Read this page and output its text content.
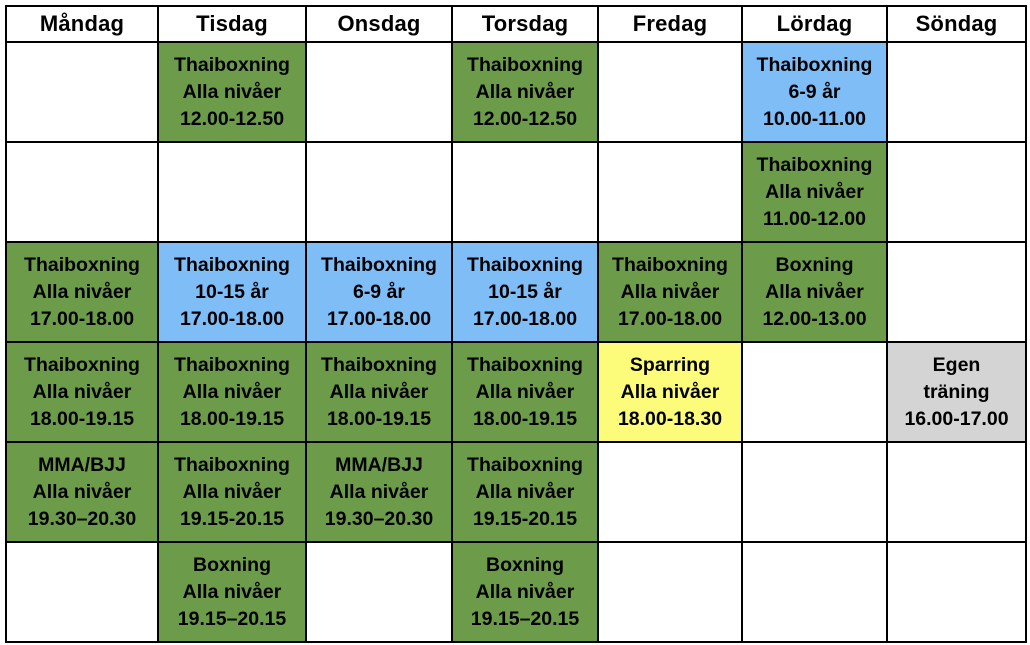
Måndag	Tisdag	Onsdag	Torsdag	Fredag	Lördag	Söndag

	Thaiboxning
Alla nivåer
12.00-12.50		Thaiboxning
Alla nivåer
12.00-12.50		Thaiboxning
6-9 år
10.00-11.00	

					Thaiboxning
Alla nivåer
11.00-12.00	

Thaiboxning
Alla nivåer
17.00-18.00	Thaiboxning
10-15 år
17.00-18.00	Thaiboxning
6-9 år
17.00-18.00	Thaiboxning
10-15 år
17.00-18.00	Thaiboxning
Alla nivåer
17.00-18.00	Boxning
Alla nivåer
12.00-13.00	

Thaiboxning
Alla nivåer
18.00-19.15	Thaiboxning
Alla nivåer
18.00-19.15	Thaiboxning
Alla nivåer
18.00-19.15	Thaiboxning
Alla nivåer
18.00-19.15	Sparring
Alla nivåer
18.00-18.30		Egen
träning
16.00-17.00

MMA/BJJ
Alla nivåer
19.30–20.30	Thaiboxning
Alla nivåer
19.15-20.15	MMA/BJJ
Alla nivåer
19.30–20.30	Thaiboxning
Alla nivåer
19.15-20.15			

	Boxning
Alla nivåer
19.15–20.15		Boxning
Alla nivåer
19.15–20.15			
